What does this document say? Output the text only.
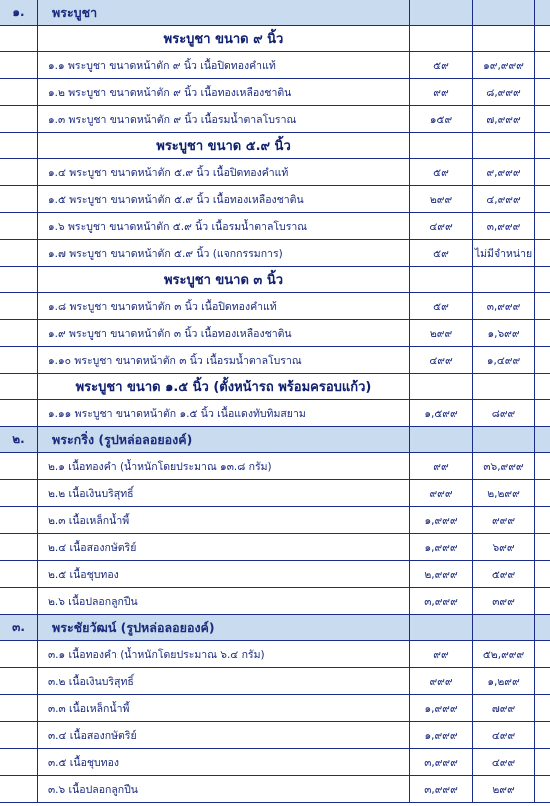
๑.	พระบูชา
พระบูชา ขนาด ๙ นิ้ว
๑.๑ พระบูชา ขนาดหน้าตัก ๙ นิ้ว เนื้อปิดทองคำแท้	๕๙	๑๙,๙๙๙
๑.๒ พระบูชา ขนาดหน้าตัก ๙ นิ้ว เนื้อทองเหลืองชาติน	๙๙	๘,๙๙๙
๑.๓ พระบูชา ขนาดหน้าตัก ๙ นิ้ว เนื้อรมน้ำตาลโบราณ	๑๕๙	๗,๙๙๙
พระบูชา ขนาด ๕.๙ นิ้ว
๑.๔ พระบูชา ขนาดหน้าตัก ๕.๙ นิ้ว เนื้อปิดทองคำแท้	๕๙	๙,๙๙๙
๑.๕ พระบูชา ขนาดหน้าตัก ๕.๙ นิ้ว เนื้อทองเหลืองชาติน	๒๙๙	๔,๙๙๙
๑.๖ พระบูชา ขนาดหน้าตัก ๕.๙ นิ้ว เนื้อรมน้ำตาลโบราณ	๔๙๙	๓,๙๙๙
๑.๗ พระบูชา ขนาดหน้าตัก ๕.๙ นิ้ว (แจกกรรมการ)	๕๙	ไม่มีจำหน่าย
พระบูชา ขนาด ๓ นิ้ว
๑.๘ พระบูชา ขนาดหน้าตัก ๓ นิ้ว เนื้อปิดทองคำแท้	๕๙	๓,๙๙๙
๑.๙ พระบูชา ขนาดหน้าตัก ๓ นิ้ว เนื้อทองเหลืองชาติน	๒๙๙	๑,๖๙๙
๑.๑๐ พระบูชา ขนาดหน้าตัก ๓ นิ้ว เนื้อรมน้ำตาลโบราณ	๔๙๙	๑,๔๙๙
พระบูชา ขนาด ๑.๕ นิ้ว (ตั้งหน้ารถ พร้อมครอบแก้ว)
๑.๑๑ พระบูชา ขนาดหน้าตัก ๑.๕ นิ้ว เนื้อแดงทับทิมสยาม	๑,๕๙๙	๘๙๙
๒.	พระกริ่ง (รูปหล่อลอยองค์)
๒.๑ เนื้อทองคำ (น้ำหนักโดยประมาณ ๑๓.๘ กรัม)	๙๙	๓๖,๙๙๙
๒.๒ เนื้อเงินบริสุทธิ์	๙๙๙	๒,๒๙๙
๒.๓ เนื้อเหล็กน้ำพี้	๑,๙๙๙	๙๙๙
๒.๔ เนื้อสองกษัตริย์	๑,๙๙๙	๖๙๙
๒.๕ เนื้อชุบทอง	๒,๙๙๙	๕๙๙
๒.๖ เนื้อปลอกลูกปืน	๓,๙๙๙	๓๙๙
๓.	พระชัยวัฒน์ (รูปหล่อลอยองค์)
๓.๑ เนื้อทองคำ (น้ำหนักโดยประมาณ ๖.๔ กรัม)	๙๙	๕๒,๙๙๙
๓.๒ เนื้อเงินบริสุทธิ์	๙๙๙	๑,๒๙๙
๓.๓ เนื้อเหล็กน้ำพี้	๑,๙๙๙	๗๙๙
๓.๔ เนื้อสองกษัตริย์	๑,๙๙๙	๔๙๙
๓.๕ เนื้อชุบทอง	๓,๙๙๙	๔๙๙
๓.๖ เนื้อปลอกลูกปืน	๓,๙๙๙	๒๙๙
